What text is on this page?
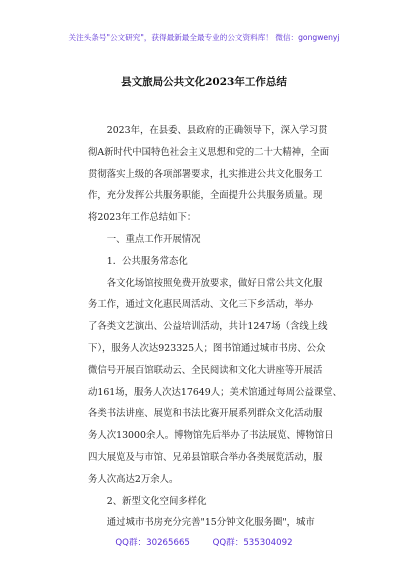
关注头条号"公文研究"，获得最新最全最专业的公文资料库！ 微信：gongwenyj
县文旅局公共文化2023年工作总结
　　2023年，在县委、县政府的正确领导下，深入学习贯
彻A新时代中国特色社会主义思想和党的二十大精神，全面
贯彻落实上级的各项部署要求，扎实推进公共文化服务工
作，充分发挥公共服务职能，全面提升公共服务质量。现
将2023年工作总结如下：
　　一、重点工作开展情况
　　1．公共服务常态化
　　各文化场馆按照免费开放要求，做好日常公共文化服
务工作，通过文化惠民周活动、文化三下乡活动，举办
了各类文艺演出、公益培训活动，共计1247场（含线上线
下），服务人次达923325人；图书馆通过城市书房、公众
微信号开展百馆联动云、全民阅读和文化大讲座等开展活
动161场，服务人次达17649人；美术馆通过每周公益课堂、
各类书法讲座、展览和书法比赛开展系列群众文化活动服
务人次13000余人。博物馆先后举办了书法展览、博物馆日
四大展览及与市馆、兄弟县馆联合举办各类展览活动，服
务人次高达2万余人。
　　2、新型文化空间多样化
　　通过城市书房充分完善"15分钟文化服务圈"，城市
QQ群：30265665	QQ群：535304092
